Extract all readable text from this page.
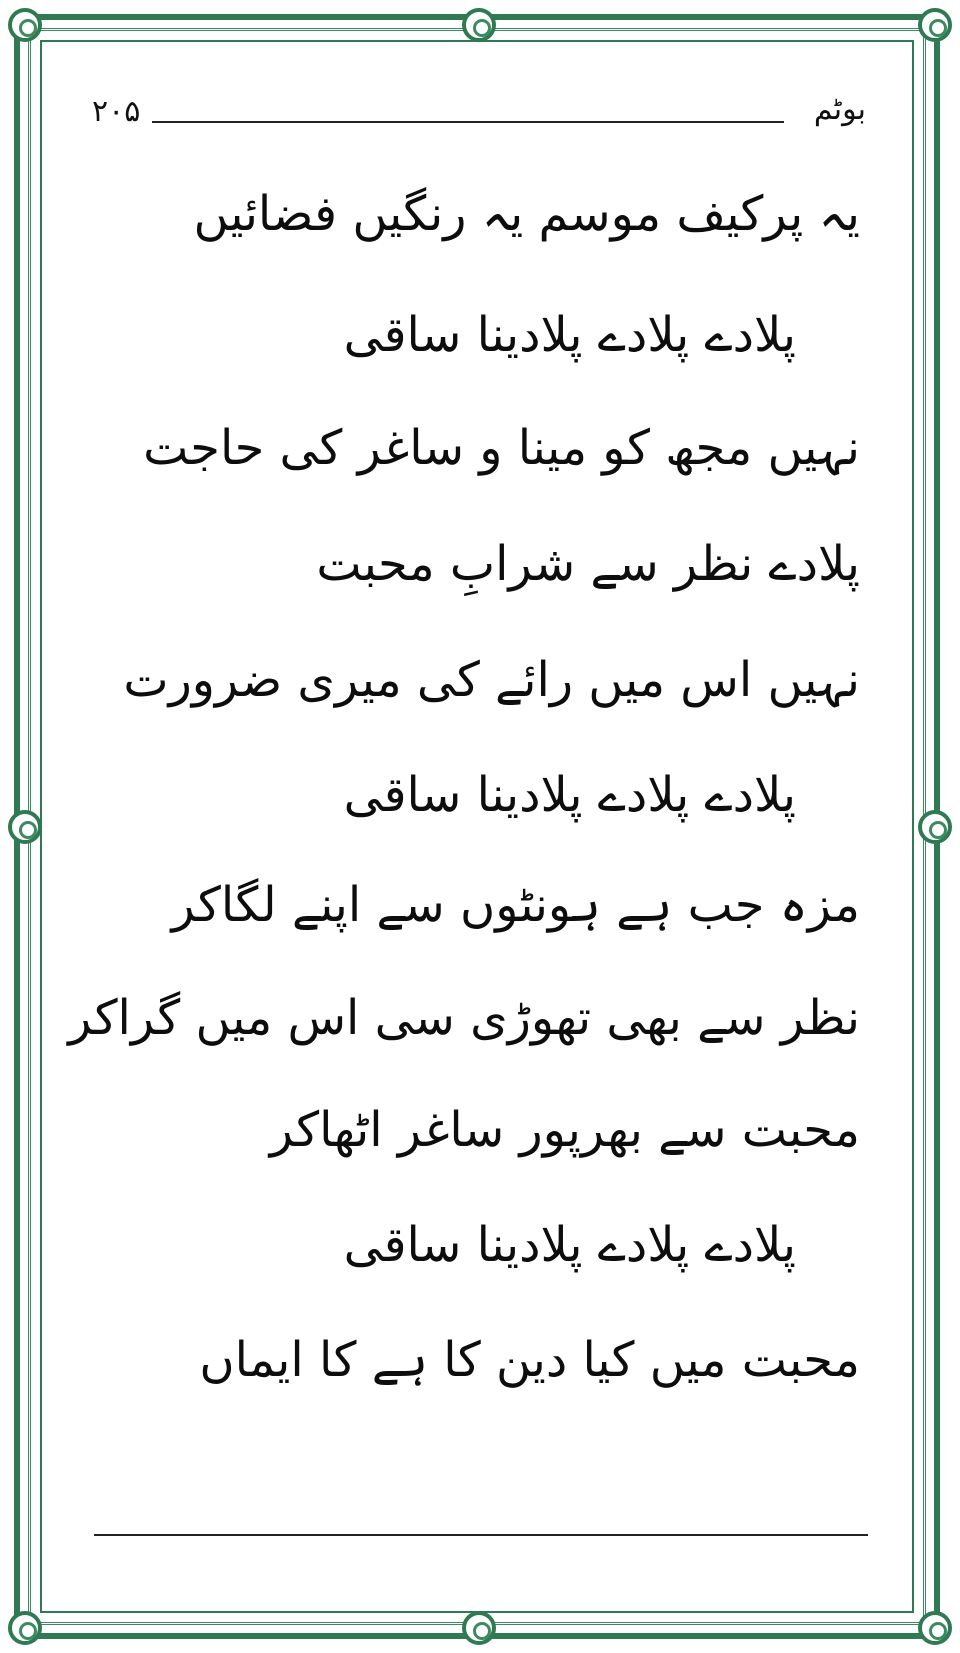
۲۰۵	بوٹم
یہ پرکیف موسم یہ رنگیں فضائیں
پلادے پلادے پلادینا ساقی
نہیں مجھ کو مینا و ساغر کی حاجت
پلادے نظر سے شرابِ محبت
نہیں اس میں رائے کی میری ضرورت
پلادے پلادے پلادینا ساقی
مزہ جب ہے ہونٹوں سے اپنے لگاکر
نظر سے بھی تھوڑی سی اس میں گراکر
محبت سے بھرپور ساغر اٹھاکر
پلادے پلادے پلادینا ساقی
محبت میں کیا دین کا ہے کا ایماں
